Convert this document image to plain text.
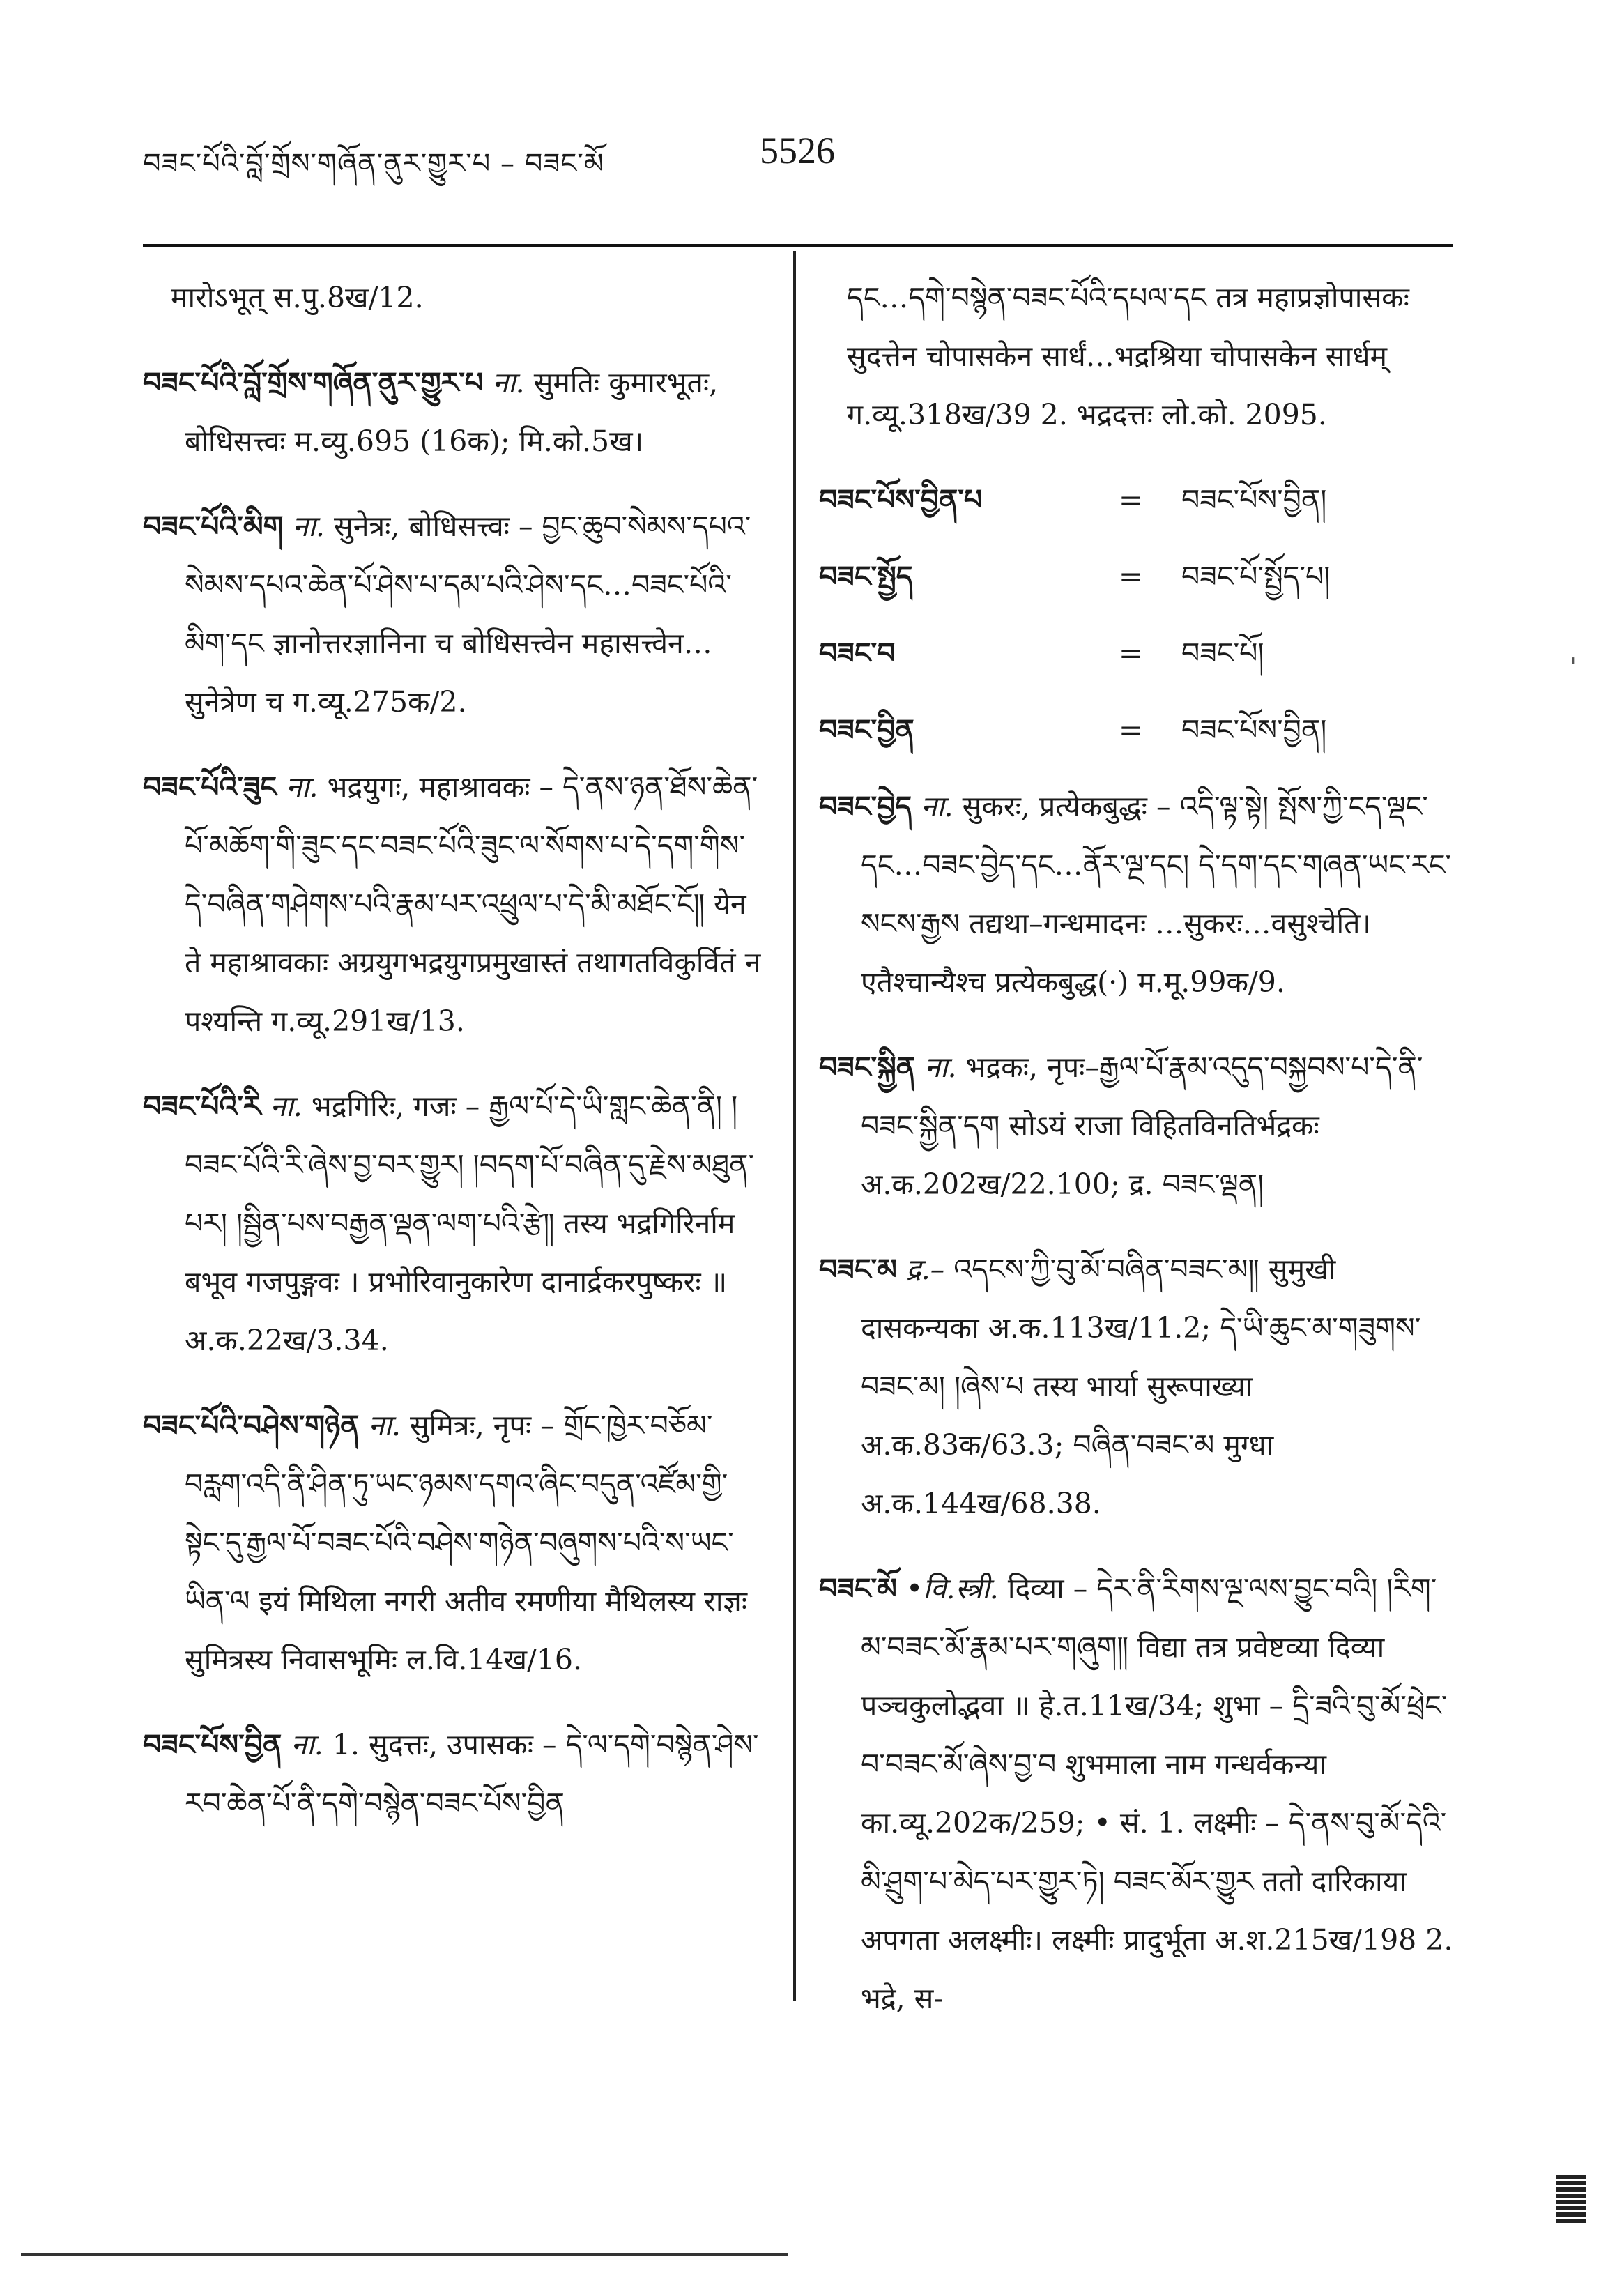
བཟང་པོའི་བློ་གྲོས་གཞོན་ནུར་གྱུར་པ – བཟང་མོ	5526

मारोऽभूत् स.पु.8ख/12.

བཟང་པོའི་བློ་གྲོས་གཞོན་ནུར་གྱུར་པ ना. सुमतिः कुमारभूतः, बोधिसत्त्वः म.व्यु.695 (16क); मि.को.5ख।

བཟང་པོའི་མིག ना. सुनेत्रः, बोधिसत्त्वः – བྱང་ཆུབ་སེམས་དཔའ་སེམས་དཔའ་ཆེན་པོ་ཤེས་པ་དམ་པའི་ཤེས་དང…བཟང་པོའི་མིག་དང ज्ञानोत्तरज्ञानिना च बोधिसत्त्वेन महासत्त्वेन…सुनेत्रेण च ग.व्यू.275क/2.

བཟང་པོའི་ཟུང ना. भद्रयुगः, महाश्रावकः – དེ་ནས་ཉན་ཐོས་ཆེན་པོ་མཆོག་གི་ཟུང་དང་བཟང་པོའི་ཟུང་ལ་སོགས་པ་དེ་དག་གིས་དེ་བཞིན་གཤེགས་པའི་རྣམ་པར་འཕྲུལ་པ་དེ་མི་མཐོང་ངོ༎ येन ते महाश्रावकाः अग्रयुगभद्रयुगप्रमुखास्तं तथागतविकुर्वितं न पश्यन्ति ग.व्यू.291ख/13.

བཟང་པོའི་རི ना. भद्रगिरिः, गजः – རྒྱལ་པོ་དེ་ཡི་གླང་ཆེན་ནི། །བཟང་པོའི་རི་ཞེས་བྱ་བར་གྱུར། །བདག་པོ་བཞིན་དུ་རྗེས་མཐུན་པར། །སྦྱིན་པས་བརྒྱན་ལྡན་ལག་པའི་རྩེ༎ तस्य भद्रगिरिर्नाम बभूव गजपुङ्गवः । प्रभोरिवानुकारेण दानार्द्रकरपुष्करः ॥ अ.क.22ख/3.34.

བཟང་པོའི་བཤེས་གཉེན ना. सुमित्रः, नृपः – གྲོང་ཁྱེར་བཅོམ་བརླག་འདི་ནི་ཤིན་ཏུ་ཡང་ཉམས་དགའ་ཞིང་བདུན་འཛོམ་གྱི་སྟེང་དུ་རྒྱལ་པོ་བཟང་པོའི་བཤེས་གཉེན་བཞུགས་པའི་ས་ཡང་ཡིན་ལ इयं मिथिला नगरी अतीव रमणीया मैथिलस्य राज्ञः सुमित्रस्य निवासभूमिः ल.वि.14ख/16.

བཟང་པོས་བྱིན ना. 1. सुदत्तः, उपासकः – དེ་ལ་དགེ་བསྙེན་ཤེས་རབ་ཆེན་པོ་ནི་དགེ་བསྙེན་བཟང་པོས་བྱིན

དང…དགེ་བསྙེན་བཟང་པོའི་དཔལ་དང तत्र महाप्रज्ञोपासकः सुदत्तेन चोपासकेन सार्धं…भद्रश्रिया चोपासकेन सार्धम् ग.व्यू.318ख/39 2. भद्रदत्तः लो.को. 2095.

བཟང་པོས་བྱིན་པ	= བཟང་པོས་བྱིན།
བཟང་སྤྱོད	= བཟང་པོ་སྤྱོད་པ།
བཟང་བ	= བཟང་པོ།
བཟང་བྱིན	= བཟང་པོས་བྱིན།

བཟང་བྱེད ना. सुकरः, प्रत्येकबुद्धः – འདི་ལྟ་སྟེ། སྤོས་ཀྱི་ངད་ལྡང་དང…བཟང་བྱེད་དང…ནོར་ལྔ་དང། དེ་དག་དང་གཞན་ཡང་རང་སངས་རྒྱས तद्यथा–गन्धमादनः …सुकरः…वसुश्चेति। एतैश्चान्यैश्च प्रत्येकबुद्ध(·) म.मू.99क/9.

བཟང་སྐྱིན ना. भद्रकः, नृपः–རྒྱལ་པོ་རྣམ་འདུད་བསྐྱབས་པ་དེ་ནི་བཟང་སྐྱིན་དག सोऽयं राजा विहितविनतिर्भद्रकः अ.क.202ख/22.100; द्र. བཟང་ལྡན།

བཟང་མ द्र.– འདངས་ཀྱི་བུ་མོ་བཞིན་བཟང་མ༎ सुमुखी दासकन्यका अ.क.113ख/11.2; དེ་ཡི་ཆུང་མ་གཟུགས་བཟང་མ། །ཞེས་པ तस्य भार्या सुरूपाख्या अ.क.83क/63.3; བཞིན་བཟང་མ मुग्धा अ.क.144ख/68.38.

བཟང་མོ •वि.स्त्री. दिव्या – དེར་ནི་རིགས་ལྔ་ལས་བྱུང་བའི། །རིག་མ་བཟང་མོ་རྣམ་པར་གཞུག༎ विद्या तत्र प्रवेष्टव्या दिव्या पञ्चकुलोद्भवा ॥ हे.त.11ख/34; शुभा – དྲི་ཟའི་བུ་མོ་ཕྲེང་བ་བཟང་མོ་ཞེས་བྱ་བ शुभमाला नाम गन्धर्वकन्या का.व्यू.202क/259; • सं. 1. लक्ष्मीः – དེ་ནས་བུ་མོ་དེའི་མི་ཤྲུག་པ་མེད་པར་གྱུར་ཏེ། བཟང་མོར་གྱུར ततो दारिकाया अपगता अलक्ष्मीः। लक्ष्मीः प्रादुर्भूता अ.श.215ख/198 2. भद्रे, स-

'
